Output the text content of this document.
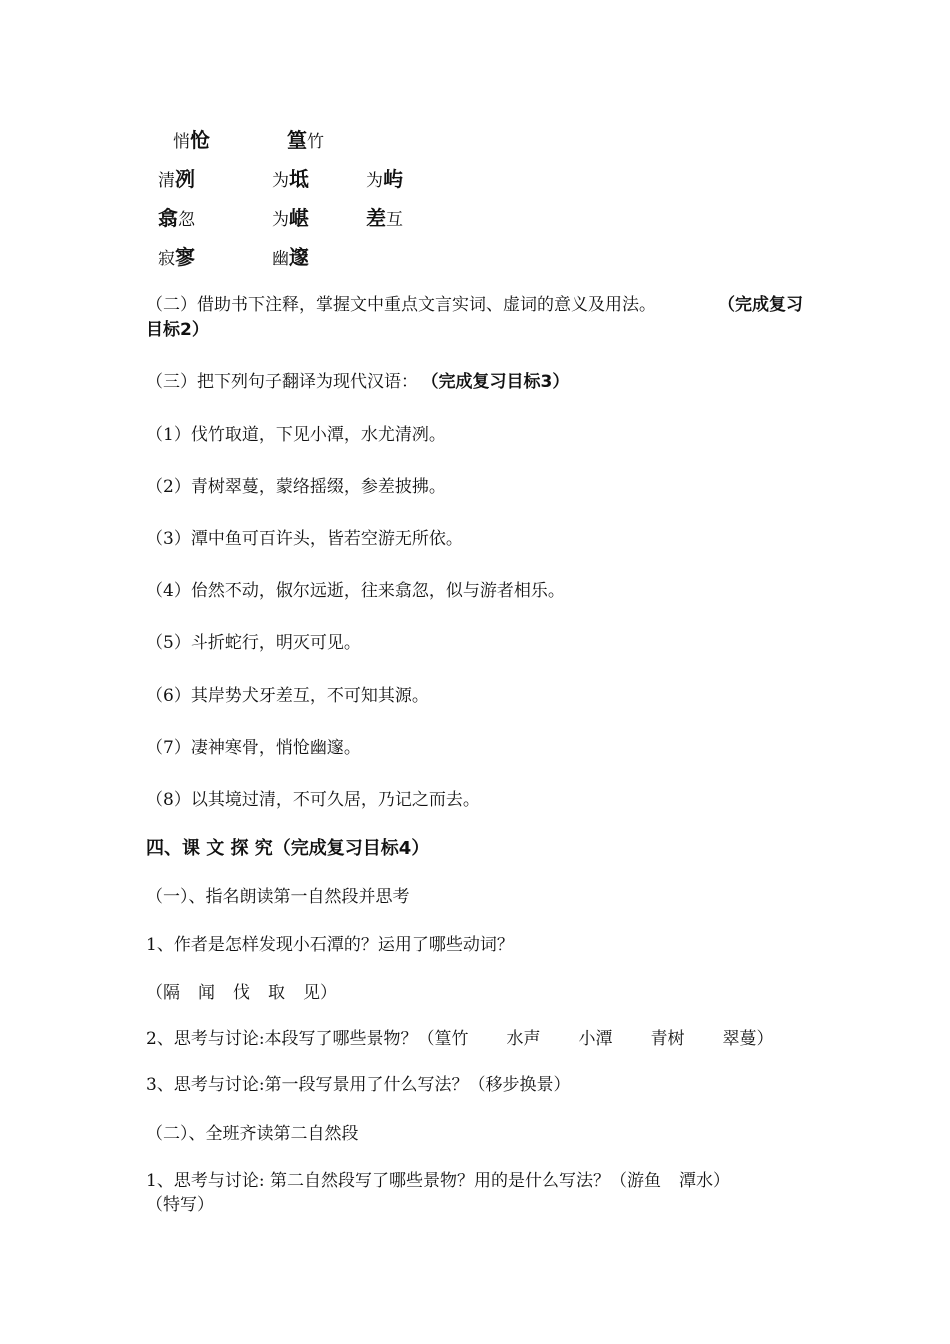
悄怆	篁竹
清冽	为坻	为屿
翕忽	为嵁	差互
寂寥	幽邃
（二）借助书下注释，掌握文中重点文言实词、虚词的意义及用法。	（完成复习
目标2）
（三）把下列句子翻译为现代汉语： （完成复习目标3）
（1）伐竹取道，下见小潭，水尤清冽。
（2）青树翠蔓，蒙络摇缀，参差披拂。
（3）潭中鱼可百许头，皆若空游无所依。
（4）佁然不动，俶尔远逝，往来翕忽，似与游者相乐。
（5）斗折蛇行，明灭可见。
（6）其岸势犬牙差互，不可知其源。
（7）凄神寒骨，悄怆幽邃。
（8）以其境过清，不可久居，乃记之而去。
四、课 文 探 究（完成复习目标4）
（一）、指名朗读第一自然段并思考
1、作者是怎样发现小石潭的？运用了哪些动词？
（隔 闻 伐 取 见）
2、思考与讨论:本段写了哪些景物？（篁竹 水声 小潭 青树 翠蔓）
3、思考与讨论:第一段写景用了什么写法？（移步换景）
（二）、全班齐读第二自然段
1、思考与讨论: 第二自然段写了哪些景物？用的是什么写法？（游鱼 潭水）
（特写）
